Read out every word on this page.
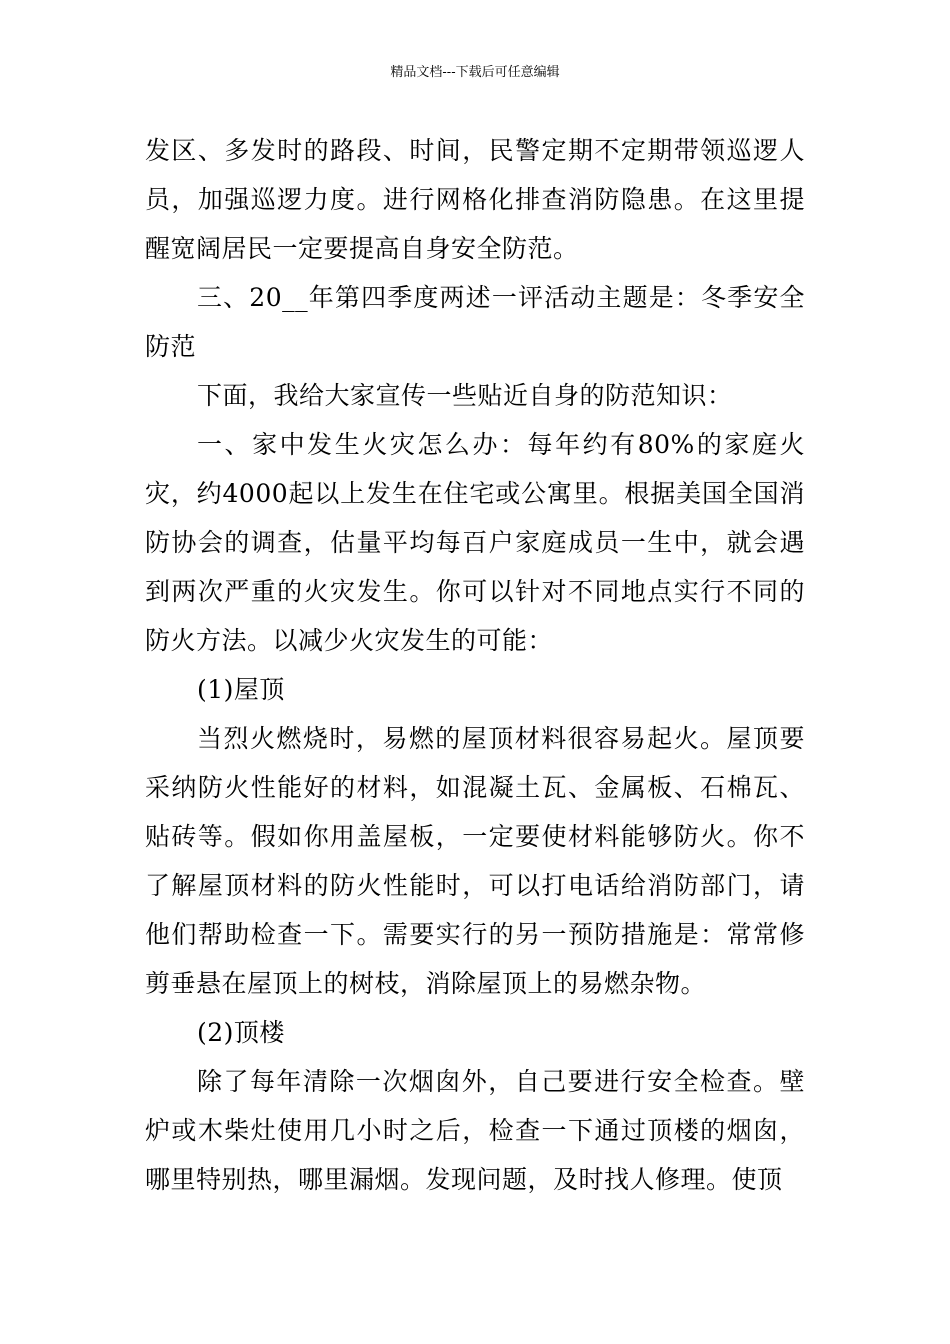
精品文档---下载后可任意编辑

发区、多发时的路段、时间，民警定期不定期带领巡逻人员，加强巡逻力度。进行网格化排查消防隐患。在这里提醒宽阔居民一定要提高自身安全防范。

三、20__年第四季度两述一评活动主题是：冬季安全防范

下面，我给大家宣传一些贴近自身的防范知识：

一、家中发生火灾怎么办：每年约有80%的家庭火灾，约4000起以上发生在住宅或公寓里。根据美国全国消防协会的调查，估量平均每百户家庭成员一生中，就会遇到两次严重的火灾发生。你可以针对不同地点实行不同的防火方法。以减少火灾发生的可能：

(1)屋顶

当烈火燃烧时，易燃的屋顶材料很容易起火。屋顶要采纳防火性能好的材料，如混凝土瓦、金属板、石棉瓦、贴砖等。假如你用盖屋板，一定要使材料能够防火。你不了解屋顶材料的防火性能时，可以打电话给消防部门，请他们帮助检查一下。需要实行的另一预防措施是：常常修剪垂悬在屋顶上的树枝，消除屋顶上的易燃杂物。

(2)顶楼

除了每年清除一次烟囱外，自己要进行安全检查。壁炉或木柴灶使用几小时之后，检查一下通过顶楼的烟囱，哪里特别热，哪里漏烟。发现问题，及时找人修理。使顶
